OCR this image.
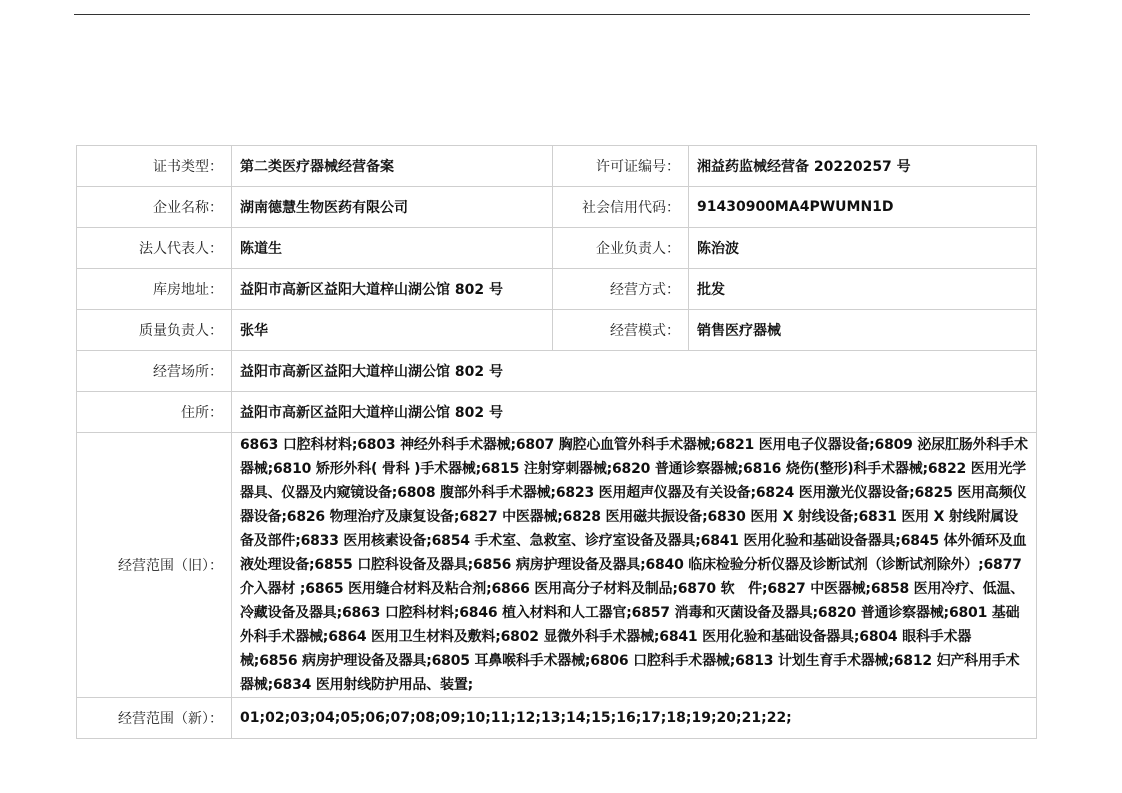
证书类型：	第二类医疗器械经营备案	许可证编号：	湘益药监械经营备 20220257 号
企业名称：	湖南德慧生物医药有限公司	社会信用代码：	91430900MA4PWUMN1D
法人代表人：	陈道生	企业负责人：	陈治波
库房地址：	益阳市高新区益阳大道梓山湖公馆 802 号	经营方式：	批发
质量负责人：	张华	经营模式：	销售医疗器械
经营场所：	益阳市高新区益阳大道梓山湖公馆 802 号		
住所：	益阳市高新区益阳大道梓山湖公馆 802 号		
经营范围（旧）：	6863 口腔科材料;6803 神经外科手术器械;6807 胸腔心血管外科手术器械;6821 医用电子仪器设备;6809 泌尿肛肠外科手术器械;6810 矫形外科( 骨科 )手术器械;6815 注射穿刺器械;6820 普通诊察器械;6816 烧伤(整形)科手术器械;6822 医用光学器具、仪器及内窥镜设备;6808 腹部外科手术器械;6823 医用超声仪器及有关设备;6824 医用激光仪器设备;6825 医用高频仪器设备;6826 物理治疗及康复设备;6827 中医器械;6828 医用磁共振设备;6830 医用 X 射线设备;6831 医用 X 射线附属设备及部件;6833 医用核素设备;6854 手术室、急救室、诊疗室设备及器具;6841 医用化验和基础设备器具;6845 体外循环及血液处理设备;6855 口腔科设备及器具;6856 病房护理设备及器具;6840 临床检验分析仪器及诊断试剂（诊断试剂除外）;6877 介入器材 ;6865 医用缝合材料及粘合剂;6866 医用高分子材料及制品;6870 软　件;6827 中医器械;6858 医用冷疗、低温、冷藏设备及器具;6863 口腔科材料;6846 植入材料和人工器官;6857 消毒和灭菌设备及器具;6820 普通诊察器械;6801 基础外科手术器械;6864 医用卫生材料及敷料;6802 显微外科手术器械;6841 医用化验和基础设备器具;6804 眼科手术器械;6856 病房护理设备及器具;6805 耳鼻喉科手术器械;6806 口腔科手术器械;6813 计划生育手术器械;6812 妇产科用手术器械;6834 医用射线防护用品、装置;		
经营范围（新）：	01;02;03;04;05;06;07;08;09;10;11;12;13;14;15;16;17;18;19;20;21;22;		
